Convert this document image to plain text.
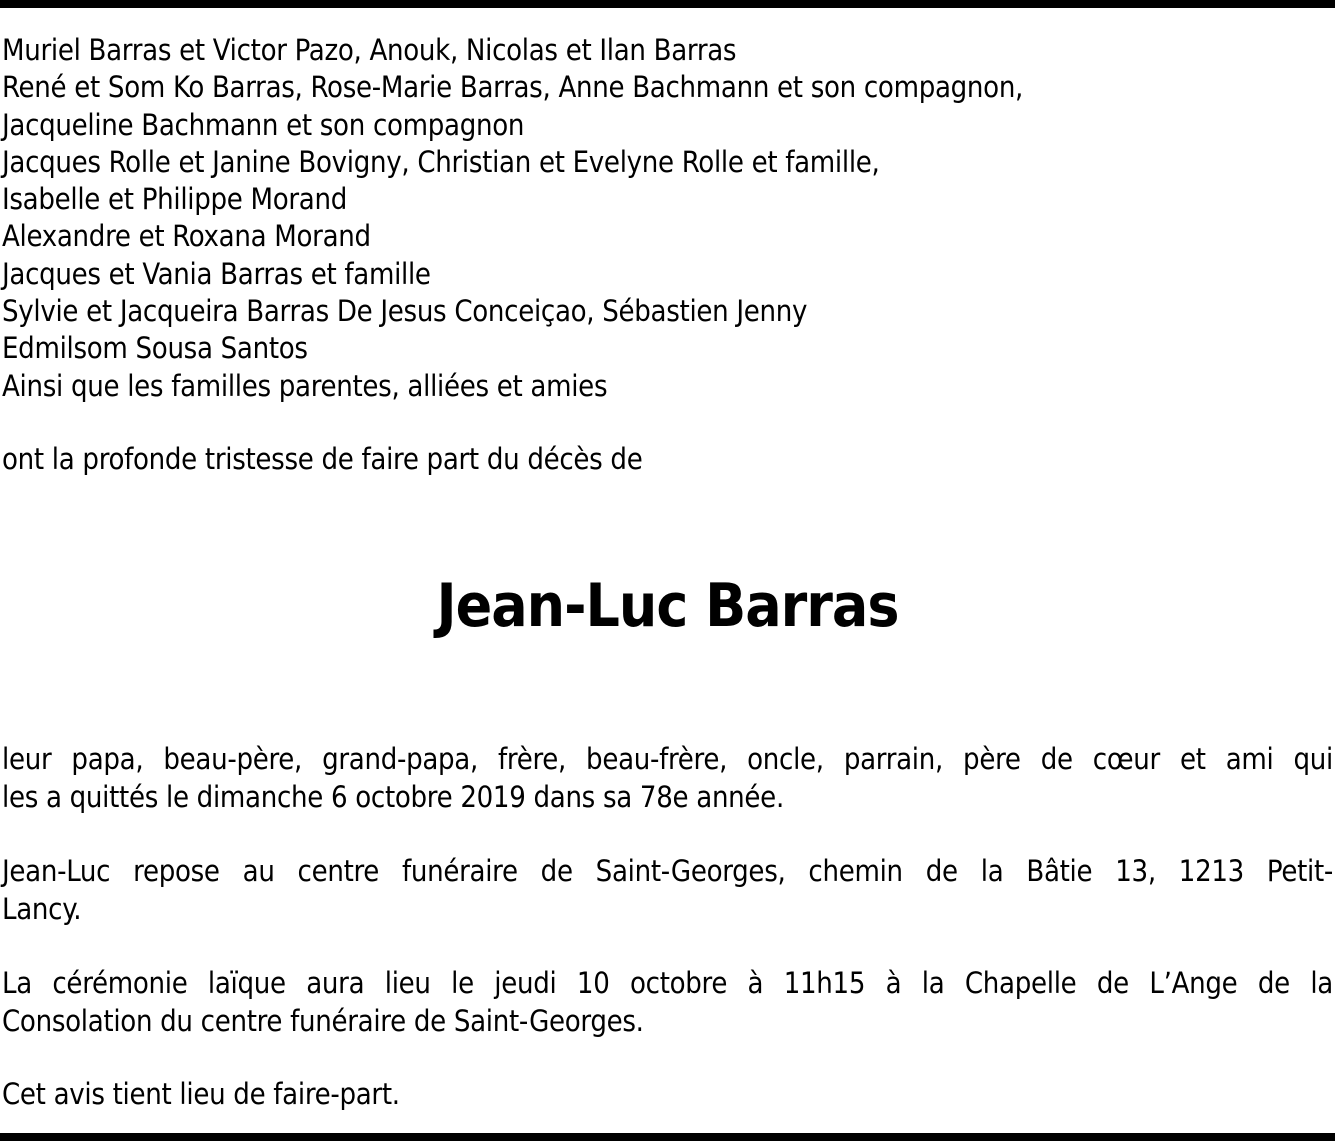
Muriel Barras et Victor Pazo, Anouk, Nicolas et Ilan Barras
René et Som Ko Barras, Rose-Marie Barras, Anne Bachmann et son compagnon,
Jacqueline Bachmann et son compagnon
Jacques Rolle et Janine Bovigny, Christian et Evelyne Rolle et famille,
Isabelle et Philippe Morand
Alexandre et Roxana Morand
Jacques et Vania Barras et famille
Sylvie et Jacqueira Barras De Jesus Conceiçao, Sébastien Jenny
Edmilsom Sousa Santos
Ainsi que les familles parentes, alliées et amies
ont la profonde tristesse de faire part du décès de
Jean-Luc Barras
leur papa, beau-père, grand-papa, frère, beau-frère, oncle, parrain, père de cœur et ami qui
les a quittés le dimanche 6 octobre 2019 dans sa 78e année.
Jean-Luc repose au centre funéraire de Saint-Georges, chemin de la Bâtie 13, 1213 Petit-
Lancy.
La cérémonie laïque aura lieu le jeudi 10 octobre à 11h15 à la Chapelle de L’Ange de la
Consolation du centre funéraire de Saint-Georges.
Cet avis tient lieu de faire-part.
